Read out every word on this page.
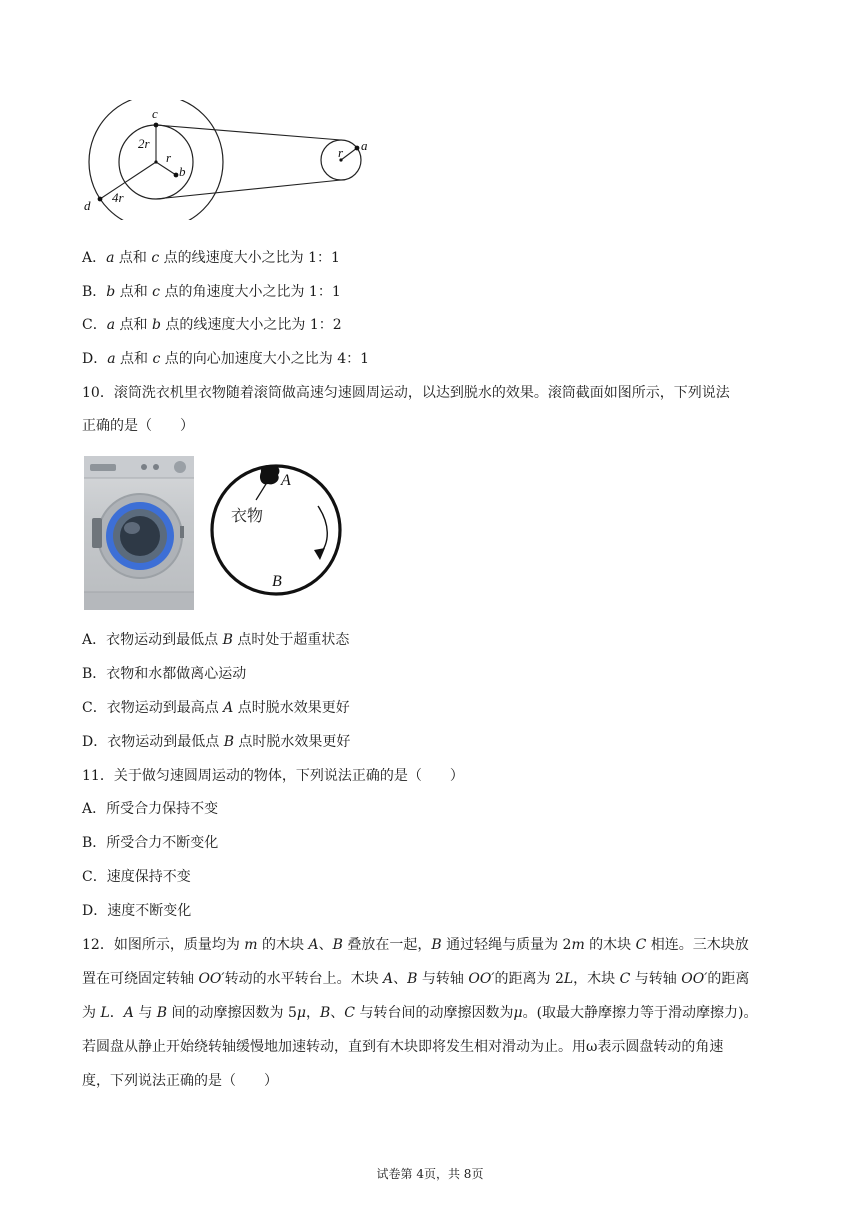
c
2r
r
b
d
4r
r a
A．a 点和 c 点的线速度大小之比为 1：1
B．b 点和 c 点的角速度大小之比为 1：1
C．a 点和 b 点的线速度大小之比为 1：2
D．a 点和 c 点的向心加速度大小之比为 4：1
10．滚筒洗衣机里衣物随着滚筒做高速匀速圆周运动，以达到脱水的效果。滚筒截面如图所示，下列说法
正确的是（　　）
A
衣物
B
A．衣物运动到最低点 B 点时处于超重状态
B．衣物和水都做离心运动
C．衣物运动到最高点 A 点时脱水效果更好
D．衣物运动到最低点 B 点时脱水效果更好
11．关于做匀速圆周运动的物体，下列说法正确的是（　　）
A．所受合力保持不变
B．所受合力不断变化
C．速度保持不变
D．速度不断变化
12．如图所示，质量均为 m 的木块 A、B 叠放在一起，B 通过轻绳与质量为 2m 的木块 C 相连。三木块放
置在可绕固定转轴 OO′转动的水平转台上。木块 A、B 与转轴 OO′的距离为 2L，木块 C 与转轴 OO′的距离
为 L．A 与 B 间的动摩擦因数为 5μ，B、C 与转台间的动摩擦因数为μ。(取最大静摩擦力等于滑动摩擦力)。
若圆盘从静止开始绕转轴缓慢地加速转动，直到有木块即将发生相对滑动为止。用ω表示圆盘转动的角速
度，下列说法正确的是（　　）
试卷第 4页，共 8页
